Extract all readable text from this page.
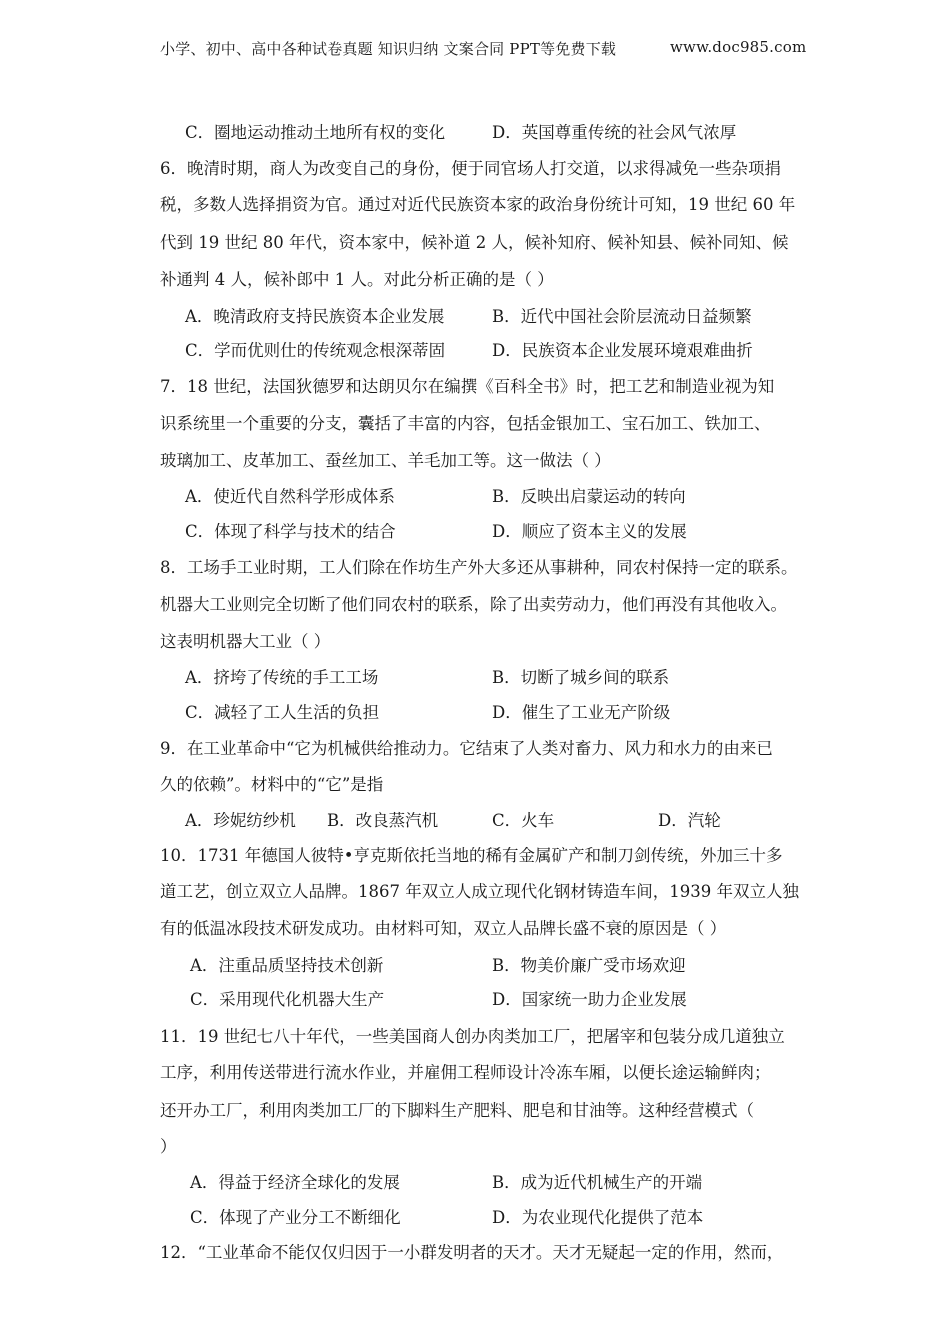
小学、初中、高中各种试卷真题 知识归纳 文案合同 PPT等免费下载	www.doc985.com
C．圈地运动推动土地所有权的变化	D．英国尊重传统的社会风气浓厚
6．晚清时期，商人为改变自己的身份，便于同官场人打交道，以求得减免一些杂项捐
税，多数人选择捐资为官。通过对近代民族资本家的政治身份统计可知，19 世纪 60 年
代到 19 世纪 80 年代，资本家中，候补道 2 人，候补知府、候补知县、候补同知、候
补通判 4 人，候补郎中 1 人。对此分析正确的是（ ）
A．晚清政府支持民族资本企业发展	B．近代中国社会阶层流动日益频繁
C．学而优则仕的传统观念根深蒂固	D．民族资本企业发展环境艰难曲折
7．18 世纪，法国狄德罗和达朗贝尔在编撰《百科全书》时，把工艺和制造业视为知
识系统里一个重要的分支，囊括了丰富的内容，包括金银加工、宝石加工、铁加工、
玻璃加工、皮革加工、蚕丝加工、羊毛加工等。这一做法（ ）
A．使近代自然科学形成体系	B．反映出启蒙运动的转向
C．体现了科学与技术的结合	D．顺应了资本主义的发展
8．工场手工业时期，工人们除在作坊生产外大多还从事耕种，同农村保持一定的联系。
机器大工业则完全切断了他们同农村的联系，除了出卖劳动力，他们再没有其他收入。
这表明机器大工业（ ）
A．挤垮了传统的手工工场	B．切断了城乡间的联系
C．减轻了工人生活的负担	D．催生了工业无产阶级
9．在工业革命中“它为机械供给推动力。它结束了人类对畜力、风力和水力的由来已
久的依赖”。材料中的“它”是指
A．珍妮纺纱机 B．改良蒸汽机	C．火车	D．汽轮
10．1731 年德国人彼特•亨克斯依托当地的稀有金属矿产和制刀剑传统，外加三十多
道工艺，创立双立人品牌。1867 年双立人成立现代化钢材铸造车间，1939 年双立人独
有的低温冰段技术研发成功。由材料可知，双立人品牌长盛不衰的原因是（ ）
A．注重品质坚持技术创新	B．物美价廉广受市场欢迎
C．采用现代化机器大生产	D．国家统一助力企业发展
11．19 世纪七八十年代，一些美国商人创办肉类加工厂，把屠宰和包装分成几道独立
工序，利用传送带进行流水作业，并雇佣工程师设计冷冻车厢，以便长途运输鲜肉；
还开办工厂，利用肉类加工厂的下脚料生产肥料、肥皂和甘油等。这种经营模式（
）
A．得益于经济全球化的发展	B．成为近代机械生产的开端
C．体现了产业分工不断细化	D．为农业现代化提供了范本
12．“工业革命不能仅仅归因于一小群发明者的天才。天才无疑起一定的作用，然而，
